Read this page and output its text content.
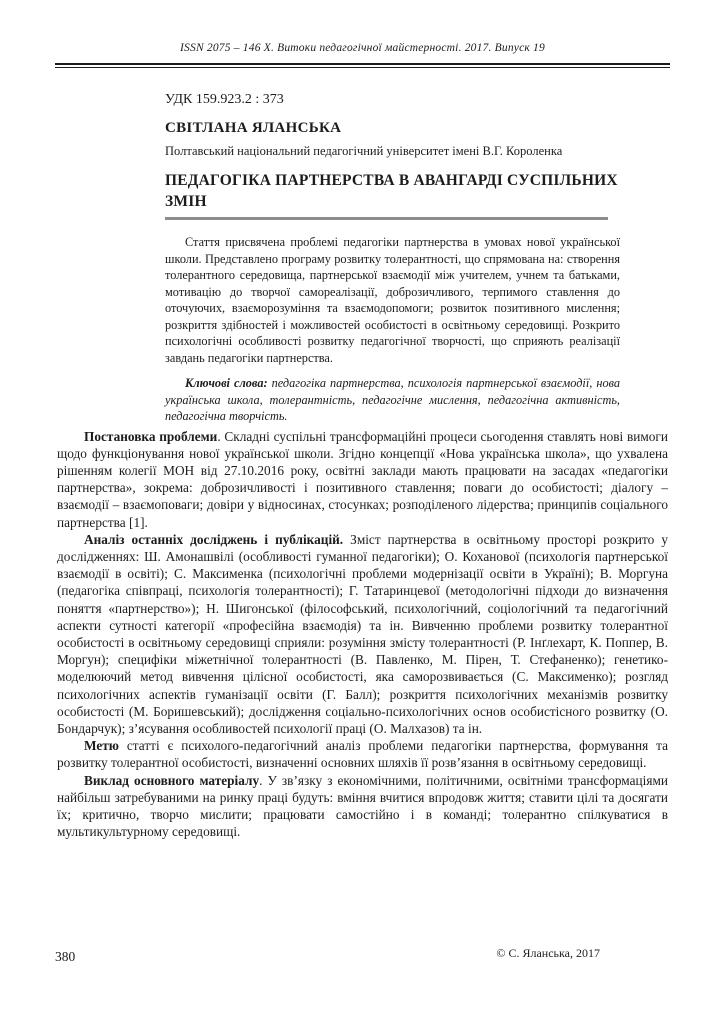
ISSN 2075 – 146 X. Витоки педагогічної майстерності. 2017. Випуск 19
УДК 159.923.2 : 373
СВІТЛАНА ЯЛАНСЬКА
Полтавський національний педагогічний університет імені В.Г. Короленка
ПЕДАГОГІКА ПАРТНЕРСТВА В АВАНГАРДІ СУСПІЛЬНИХ ЗМІН
Стаття присвячена проблемі педагогіки партнерства в умовах нової української школи. Представлено програму розвитку толерантності, що спрямована на: створення толерантного середовища, партнерської взаємодії між учителем, учнем та батьками, мотивацію до творчої самореалізації, доброзичливого, терпимого ставлення до оточуючих, взаєморозуміння та взаємодопомоги; розвиток позитивного мислення; розкриття здібностей і можливостей особистості в освітньому середовищі. Розкрито психологічні особливості розвитку педагогічної творчості, що сприяють реалізації завдань педагогіки партнерства.
Ключові слова: педагогіка партнерства, психологія партнерської взаємодії, нова українська школа, толерантність, педагогічне мислення, педагогічна активність, педагогічна творчість.

Постановка проблеми. Складні суспільні трансформаційні процеси сьогодення ставлять нові вимоги щодо функціонування нової української школи. Згідно концепції «Нова українська школа», що ухвалена рішенням колегії МОН від 27.10.2016 року, освітні заклади мають працювати на засадах «педагогіки партнерства», зокрема: доброзичливості і позитивного ставлення; поваги до особистості; діалогу – взаємодії – взаємоповаги; довіри у відносинах, стосунках; розподіленого лідерства; принципів соціального партнерства [1].

Аналіз останніх досліджень і публікацій. Зміст партнерства в освітньому просторі розкрито у дослідженнях: Ш. Амонашвілі (особливості гуманної педагогіки); О. Коханової (психологія партнерської взаємодії в освіті); С. Максименка (психологічні проблеми модернізації освіти в Україні); В. Моргуна (педагогіка співпраці, психологія толерантності); Г. Татаринцевої (методологічні підходи до визначення поняття «партнерство»); Н. Шигонської (філософський, психологічний, соціологічний та педагогічний аспекти сутності категорії «професійна взаємодія) та ін. Вивченню проблеми розвитку толерантної особистості в освітньому середовищі сприяли: розуміння змісту толерантності (Р. Інґлехарт, К. Поппер, В. Моргун); специфіки міжетнічної толерантності (В. Павленко, М. Пірен, Т. Стефаненко); генетико-моделюючий метод вивчення цілісної особистості, яка саморозвивається (С. Максименко); розгляд психологічних аспектів гуманізації освіти (Г. Балл); розкриття психологічних механізмів розвитку особистості (М. Боришевський); дослідження соціально-психологічних основ особистісного розвитку (О. Бондарчук); з’ясування особливостей психології праці (О. Малхазов) та ін.

Метю статті є психолого-педагогічний аналіз проблеми педагогіки партнерства, формування та розвитку толерантної особистості, визначенні основних шляхів її розв’язання в освітньому середовищі.

Виклад основного матеріалу. У зв’язку з економічними, політичними, освітніми трансформаціями найбільш затребуваними на ринку праці будуть: вміння вчитися впродовж життя; ставити цілі та досягати їх; критично, творчо мислити; працювати самостійно і в команді; толерантно спілкуватися в мультикультурному середовищі.

380	© С. Яланська, 2017
